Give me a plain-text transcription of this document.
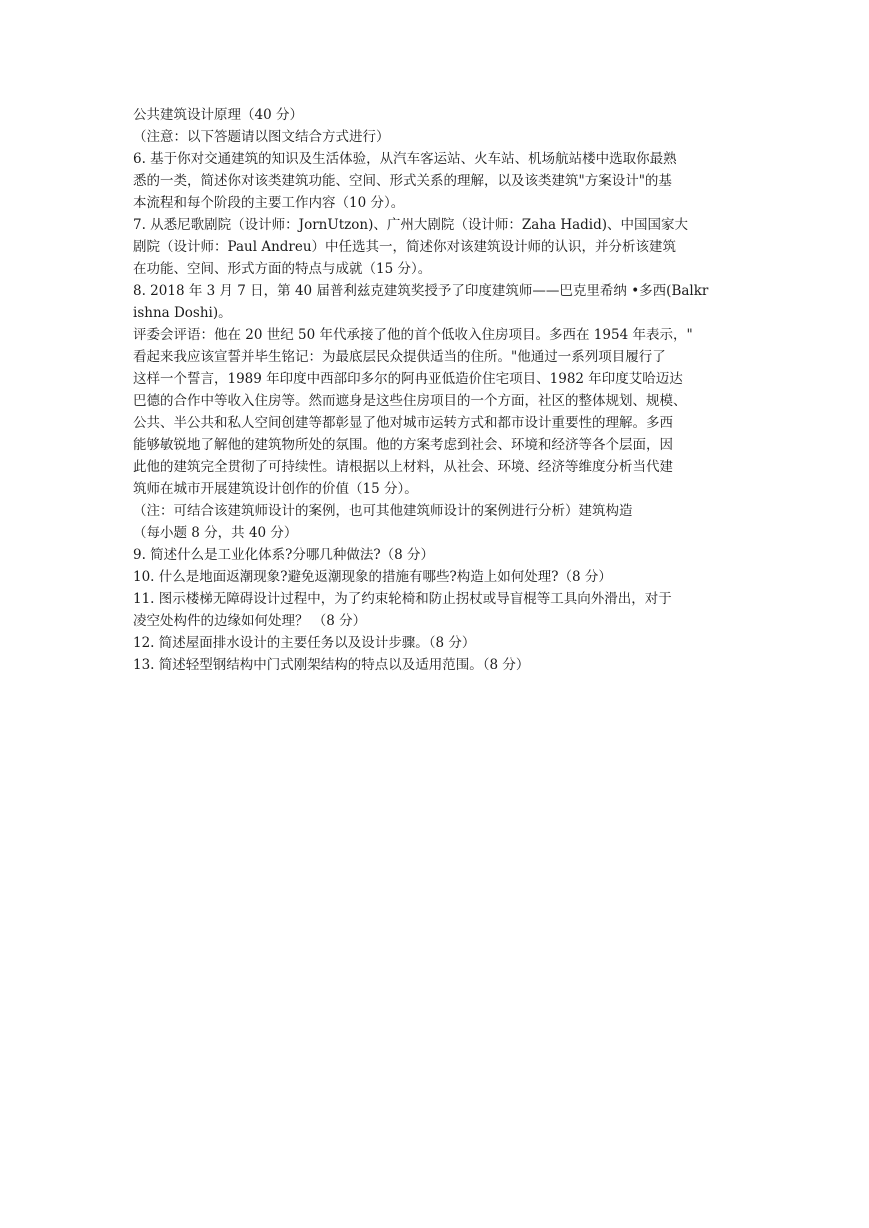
公共建筑设计原理（40 分）
（注意：以下答题请以图文结合方式进行）
6. 基于你对交通建筑的知识及生活体验，从汽车客运站、火车站、机场航站楼中选取你最熟
悉的一类，简述你对该类建筑功能、空间、形式关系的理解，以及该类建筑"方案设计"的基
本流程和每个阶段的主要工作内容（10 分）。
7. 从悉尼歌剧院（设计师：JornUtzon)、广州大剧院（设计师：Zaha Hadid)、中国国家大
剧院（设计师：Paul Andreu）中任选其一，简述你对该建筑设计师的认识，并分析该建筑
在功能、空间、形式方面的特点与成就（15 分）。
8. 2018 年 3 月 7 日，第 40 届普利兹克建筑奖授予了印度建筑师——巴克里希纳 •多西(Balkr
ishna Doshi)。
评委会评语：他在 20 世纪 50 年代承接了他的首个低收入住房项目。多西在 1954 年表示，"
看起来我应该宣誓并毕生铭记：为最底层民众提供适当的住所。"他通过一系列项目履行了
这样一个誓言，1989 年印度中西部印多尔的阿冉亚低造价住宅项目、1982 年印度艾哈迈达
巴德的合作中等收入住房等。然而遮身是这些住房项目的一个方面，社区的整体规划、规模、
公共、半公共和私人空间创建等都彰显了他对城市运转方式和都市设计重要性的理解。多西
能够敏锐地了解他的建筑物所处的氛围。他的方案考虑到社会、环境和经济等各个层面，因
此他的建筑完全贯彻了可持续性。请根据以上材料，从社会、环境、经济等维度分析当代建
筑师在城市开展建筑设计创作的价值（15 分）。
（注：可结合该建筑师设计的案例，也可其他建筑师设计的案例进行分析）建筑构造
（每小题 8 分，共 40 分）
9. 简述什么是工业化体系?分哪几种做法?（8 分）
10. 什么是地面返潮现象?避免返潮现象的措施有哪些?构造上如何处理?（8 分）
11. 图示楼梯无障碍设计过程中，为了约束轮椅和防止拐杖或导盲棍等工具向外滑出，对于
凌空处构件的边缘如何处理？ （8 分）
12. 简述屋面排水设计的主要任务以及设计步骤。（8 分）
13. 简述轻型钢结构中门式刚架结构的特点以及适用范围。（8 分）
